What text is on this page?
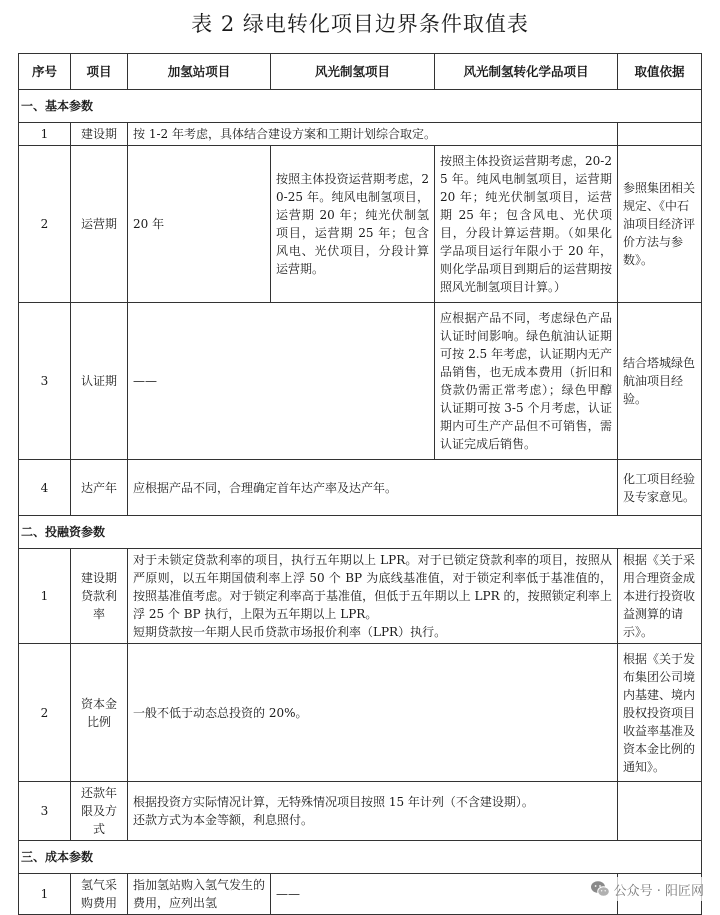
表 2 绿电转化项目边界条件取值表
序号	项目	加氢站项目	风光制氢项目	风光制氢转化学品项目	取值依据
一、基本参数					
1	建设期	按 1-2 年考虑，具体结合建设方案和工期计划综合取定。			
2	运营期	20 年	按照主体投资运营期考虑，20-25 年。纯风电制氢项目，运营期 20 年；纯光伏制氢项目，运营期 25 年；包含风电、光伏项目，分段计算运营期。	按照主体投资运营期考虑，20-25 年。纯风电制氢项目，运营期 20 年；纯光伏制氢项目，运营期 25 年；包含风电、光伏项目，分段计算运营期。（如果化学品项目运行年限小于 20 年，则化学品项目到期后的运营期按照风光制氢项目计算。）	参照集团相关规定、《中石油项目经济评价方法与参数》。
3	认证期	——		应根据产品不同，考虑绿色产品认证时间影响。绿色航油认证期可按 2.5 年考虑，认证期内无产品销售，也无成本费用（折旧和贷款仍需正常考虑）；绿色甲醇认证期可按 3-5 个月考虑，认证期内可生产产品但不可销售，需认证完成后销售。	结合塔城绿色航油项目经验。
4	达产年	应根据产品不同，合理确定首年达产率及达产年。			化工项目经验及专家意见。
二、投融资参数					
1	建设期贷款利率	对于未锁定贷款利率的项目，执行五年期以上 LPR。对于已锁定贷款利率的项目，按照从严原则，以五年期国债利率上浮 50 个 BP 为底线基准值，对于锁定利率低于基准值的，按照基准值考虑。对于锁定利率高于基准值，但低于五年期以上 LPR 的，按照锁定利率上浮 25 个 BP 执行，上限为五年期以上 LPR。
短期贷款按一年期人民币贷款市场报价利率（LPR）执行。			根据《关于采用合理资金成本进行投资收益测算的请示》。
2	资本金比例	一般不低于动态总投资的 20%。			根据《关于发布集团公司境内基建、境内股权投资项目收益率基准及资本金比例的通知》。
3	还款年限及方式	根据投资方实际情况计算，无特殊情况项目按照 15 年计列（不含建设期）。
还款方式为本金等额，利息照付。			

三、成本参数					
1	氢气采购费用	指加氢站购入氢气发生的费用，应列出氢	——			公众号 · 阳匠网
